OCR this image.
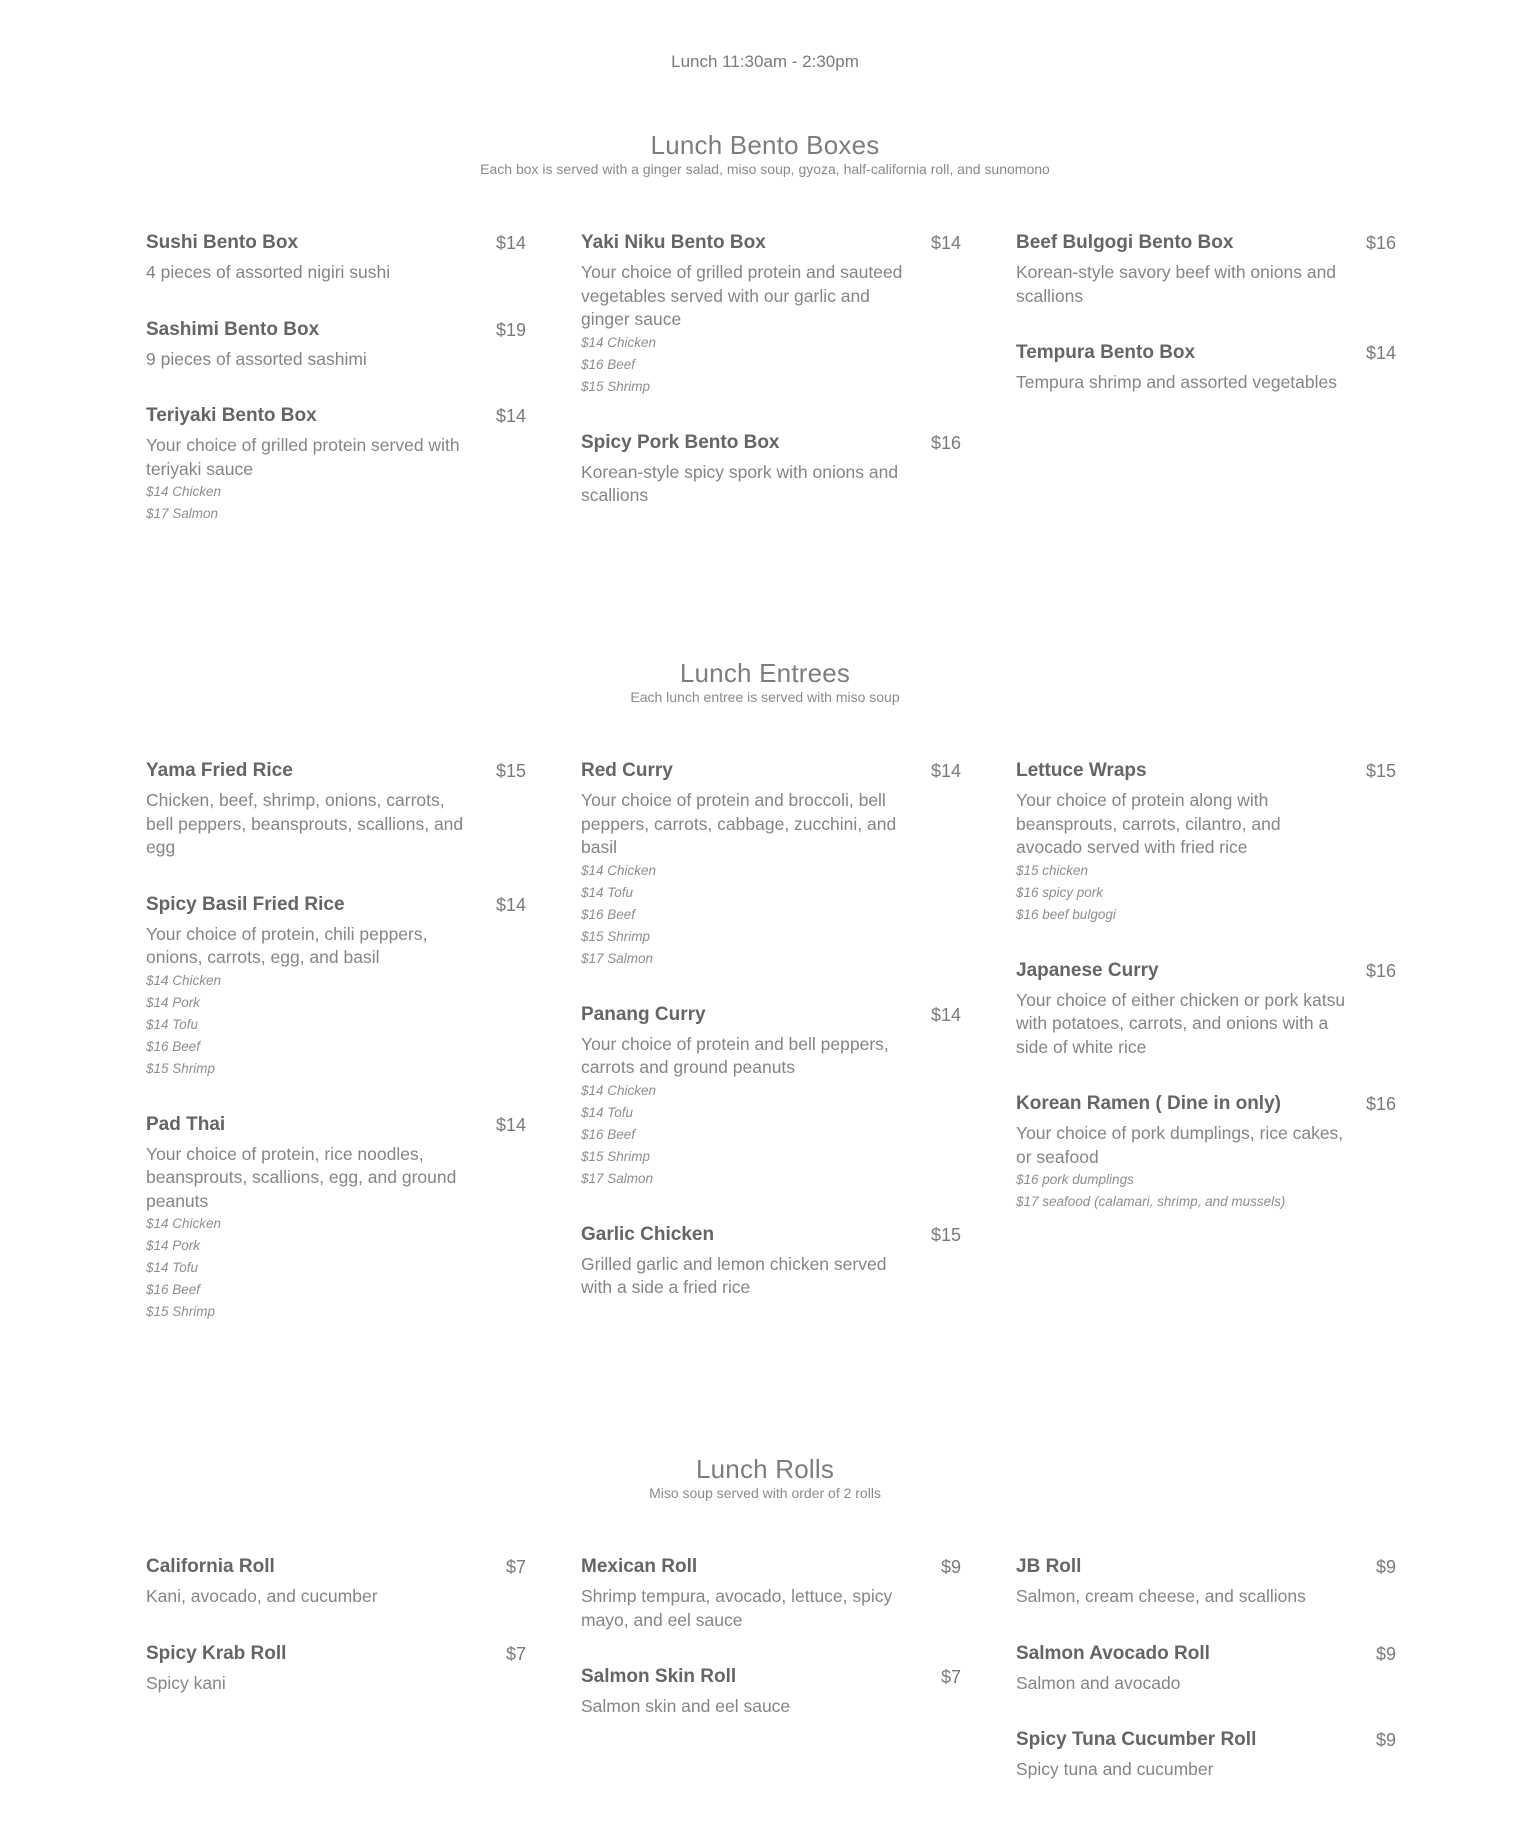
Lunch 11:30am - 2:30pm
Lunch Bento Boxes
Each box is served with a ginger salad, miso soup, gyoza, half-california roll, and sunomono
Sushi Bento Box	$14
4 pieces of assorted nigiri sushi
Sashimi Bento Box	$19
9 pieces of assorted sashimi
Teriyaki Bento Box	$14
Your choice of grilled protein served with teriyaki sauce
$14 Chicken
$17 Salmon
Yaki Niku Bento Box	$14
Your choice of grilled protein and sauteed vegetables served with our garlic and ginger sauce
$14 Chicken
$16 Beef
$15 Shrimp
Spicy Pork Bento Box	$16
Korean-style spicy spork with onions and scallions
Beef Bulgogi Bento Box	$16
Korean-style savory beef with onions and scallions
Tempura Bento Box	$14
Tempura shrimp and assorted vegetables
Lunch Entrees
Each lunch entree is served with miso soup
Yama Fried Rice	$15
Chicken, beef, shrimp, onions, carrots, bell peppers, beansprouts, scallions, and egg
Spicy Basil Fried Rice	$14
Your choice of protein, chili peppers, onions, carrots, egg, and basil
$14 Chicken
$14 Pork
$14 Tofu
$16 Beef
$15 Shrimp
Pad Thai	$14
Your choice of protein, rice noodles, beansprouts, scallions, egg, and ground peanuts
$14 Chicken
$14 Pork
$14 Tofu
$16 Beef
$15 Shrimp
Red Curry	$14
Your choice of protein and broccoli, bell peppers, carrots, cabbage, zucchini, and basil
$14 Chicken
$14 Tofu
$16 Beef
$15 Shrimp
$17 Salmon
Panang Curry	$14
Your choice of protein and bell peppers, carrots and ground peanuts
$14 Chicken
$14 Tofu
$16 Beef
$15 Shrimp
$17 Salmon
Garlic Chicken	$15
Grilled garlic and lemon chicken served with a side a fried rice
Lettuce Wraps	$15
Your choice of protein along with beansprouts, carrots, cilantro, and avocado served with fried rice
$15 chicken
$16 spicy pork
$16 beef bulgogi
Japanese Curry	$16
Your choice of either chicken or pork katsu with potatoes, carrots, and onions with a side of white rice
Korean Ramen ( Dine in only)	$16
Your choice of pork dumplings, rice cakes, or seafood
$16 pork dumplings
$17 seafood (calamari, shrimp, and mussels)
Lunch Rolls
Miso soup served with order of 2 rolls
California Roll	$7
Kani, avocado, and cucumber
Spicy Krab Roll	$7
Spicy kani
Mexican Roll	$9
Shrimp tempura, avocado, lettuce, spicy mayo, and eel sauce
Salmon Skin Roll	$7
Salmon skin and eel sauce
JB Roll	$9
Salmon, cream cheese, and scallions
Salmon Avocado Roll	$9
Salmon and avocado
Spicy Tuna Cucumber Roll	$9
Spicy tuna and cucumber
